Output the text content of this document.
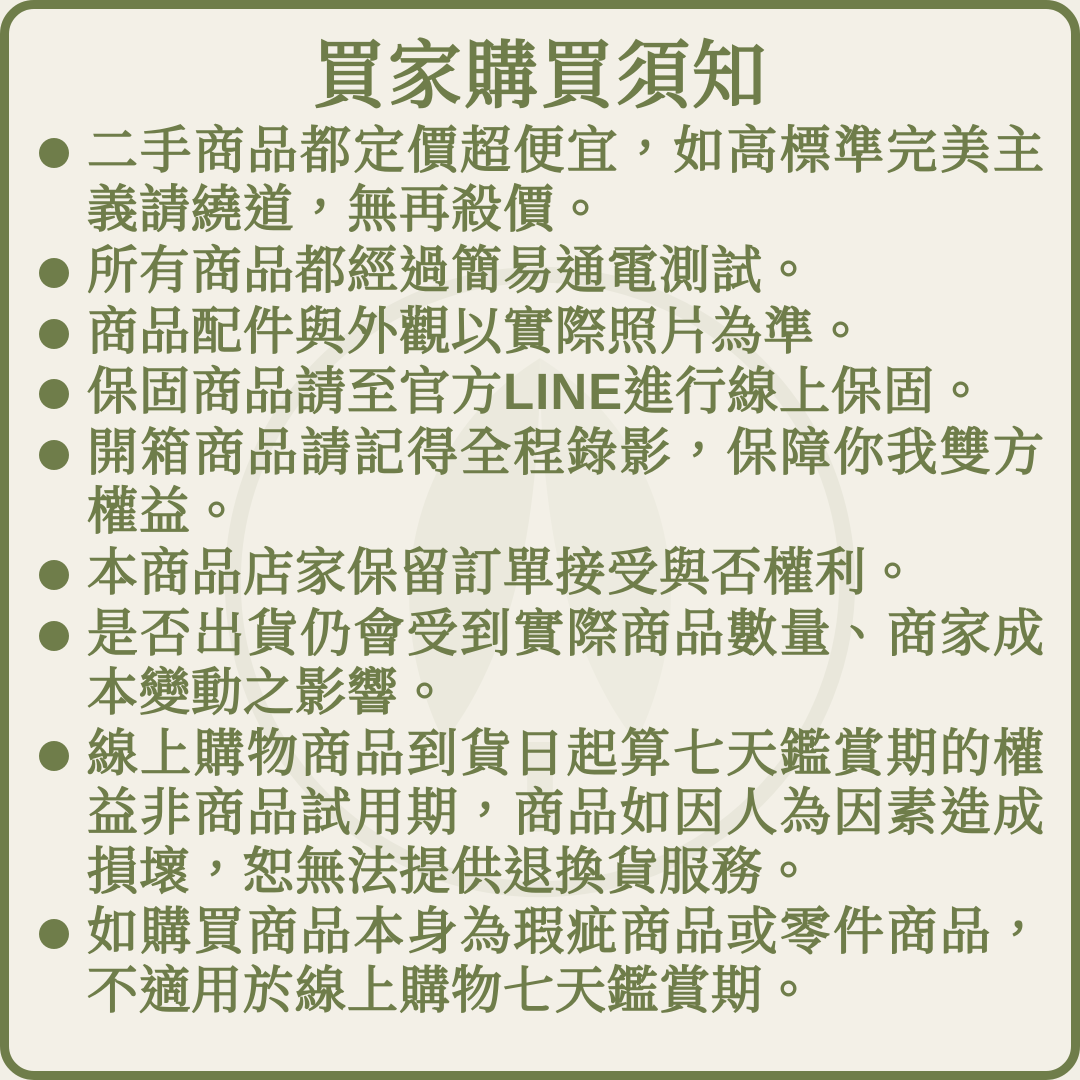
買家購買須知
二手商品都定價超便宜，如高標準完美主義請繞道，無再殺價。
所有商品都經過簡易通電測試。
商品配件與外觀以實際照片為準。
保固商品請至官方LINE進行線上保固。
開箱商品請記得全程錄影，保障你我雙方權益。
本商品店家保留訂單接受與否權利。
是否出貨仍會受到實際商品數量、商家成本變動之影響。
線上購物商品到貨日起算七天鑑賞期的權益非商品試用期，商品如因人為因素造成損壞，恕無法提供退換貨服務。
如購買商品本身為瑕疵商品或零件商品，不適用於線上購物七天鑑賞期。
